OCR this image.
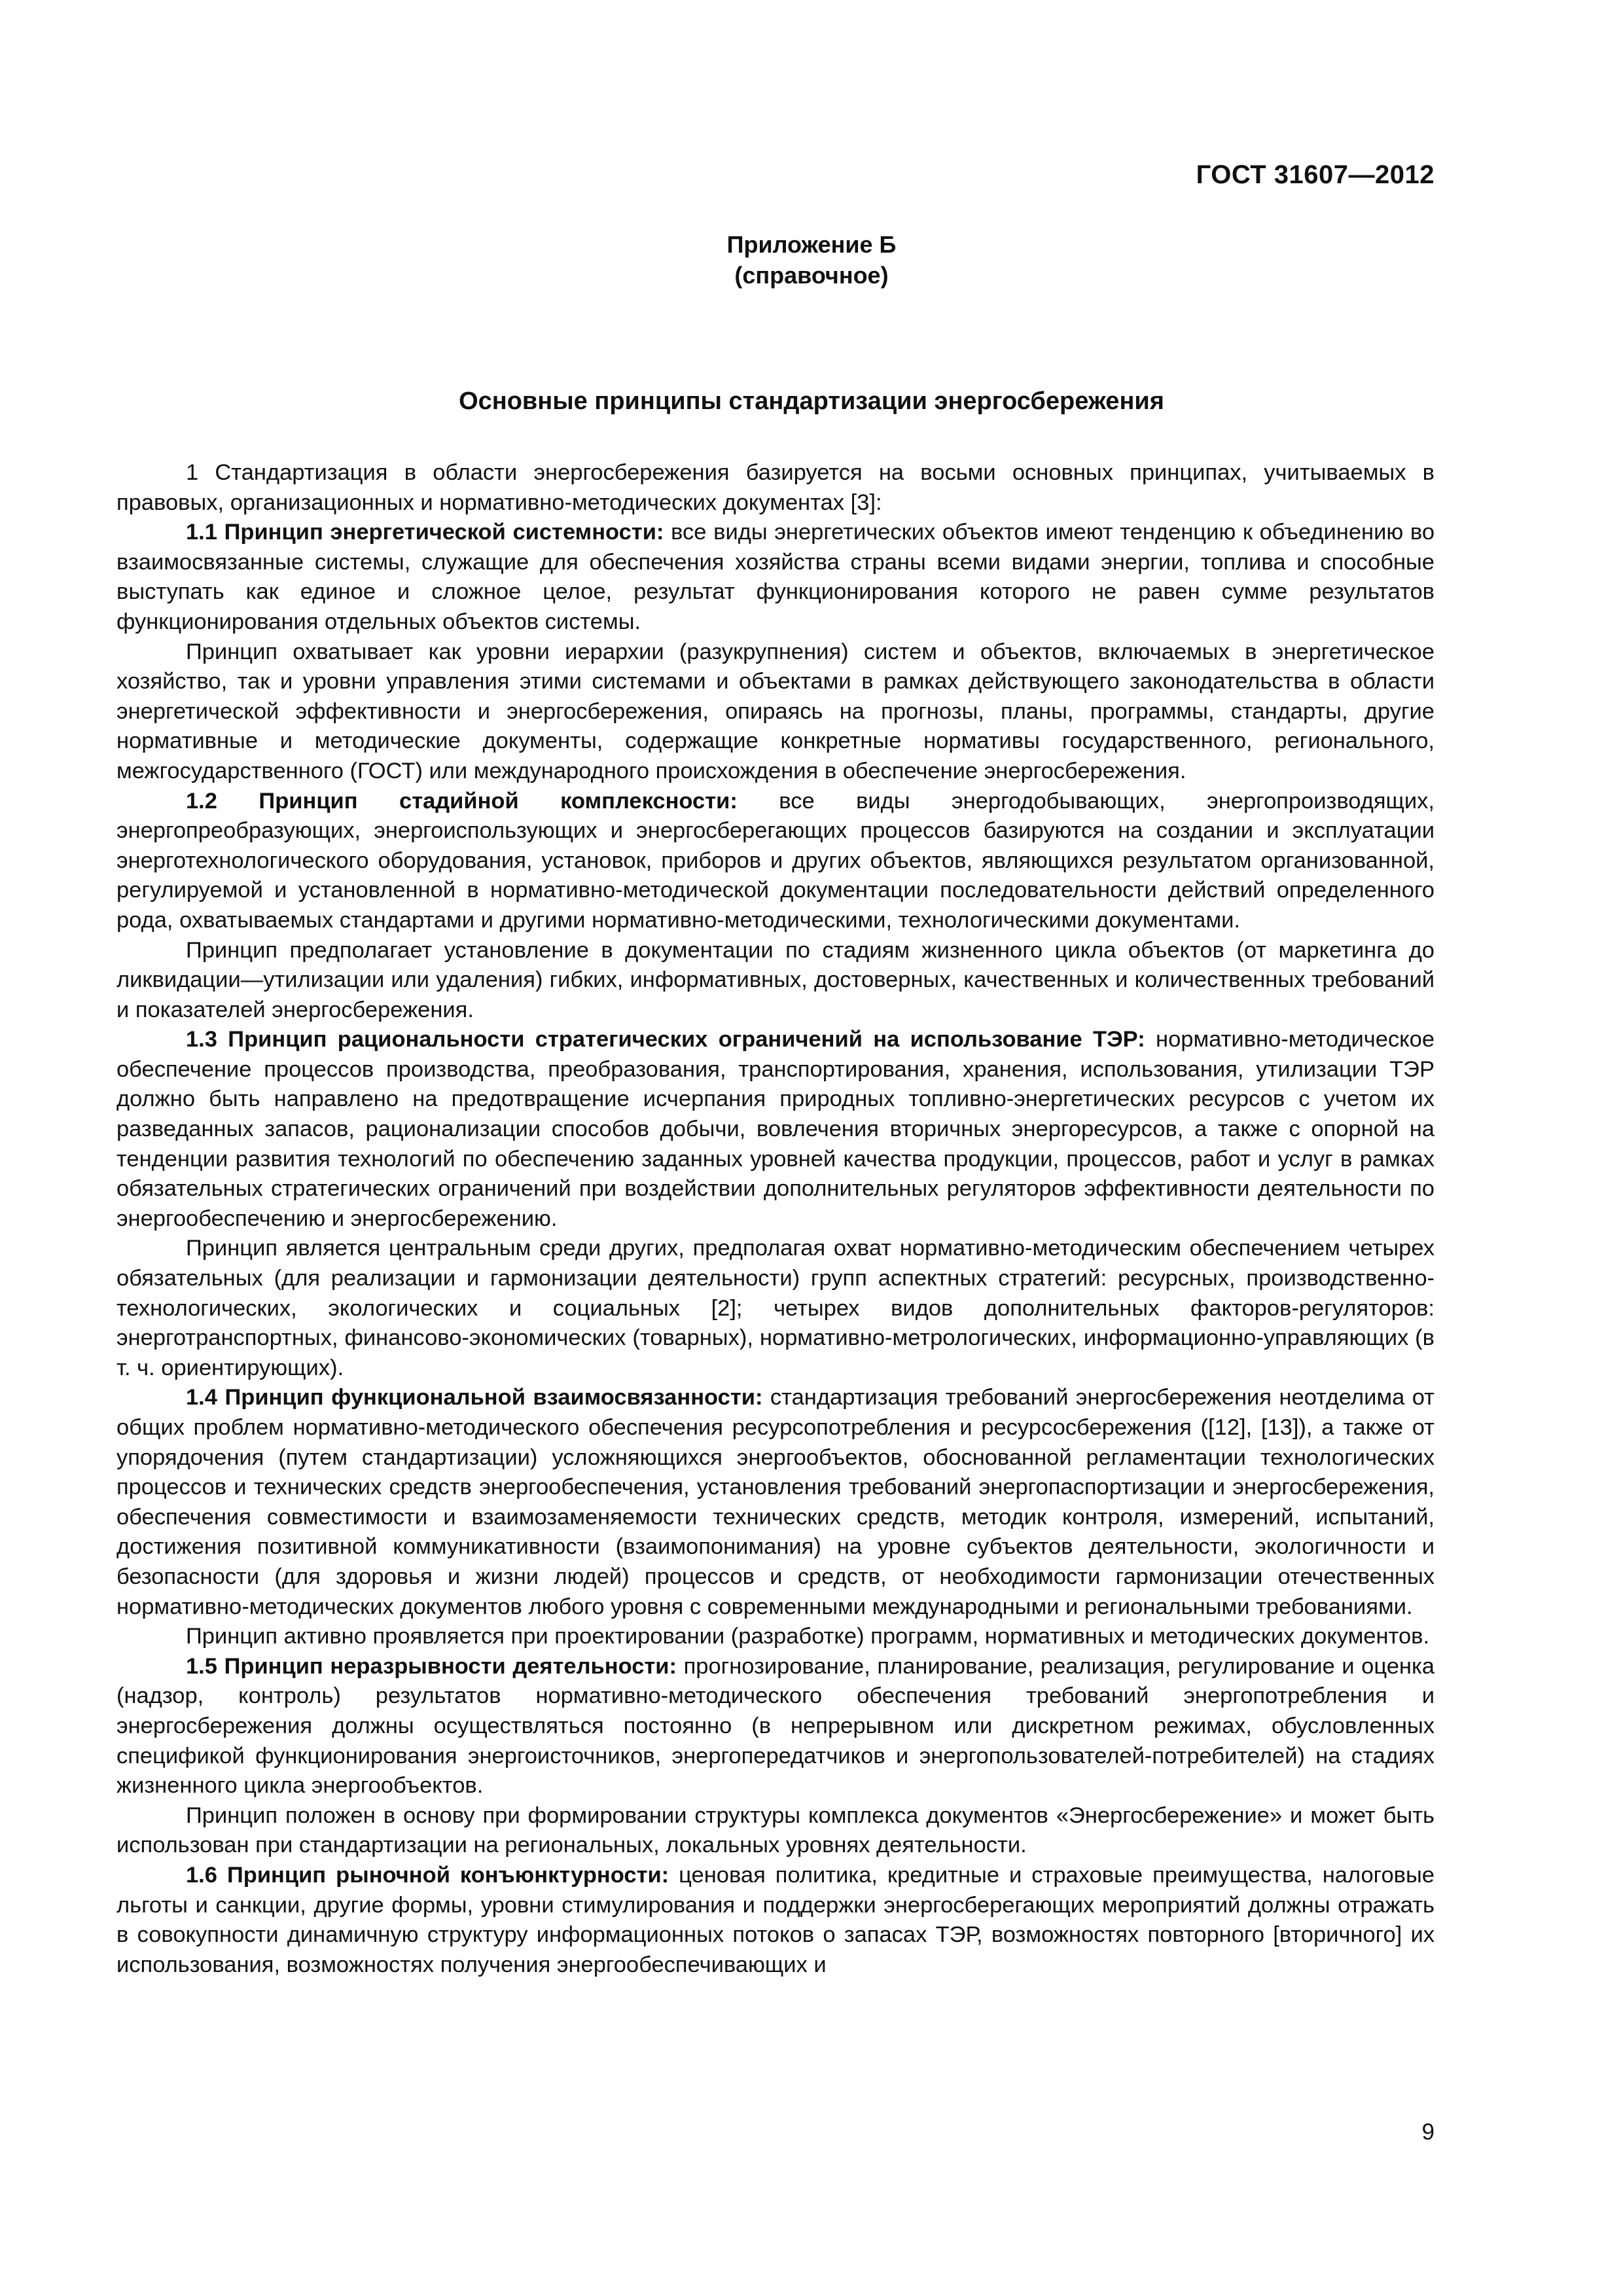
ГОСТ 31607—2012
Приложение Б
(справочное)
Основные принципы стандартизации энергосбережения

1 Стандартизация в области энергосбережения базируется на восьми основных принципах, учитываемых в правовых, организационных и нормативно-методических документах [3]:

1.1 Принцип энергетической системности: все виды энергетических объектов имеют тенденцию к объединению во взаимосвязанные системы, служащие для обеспечения хозяйства страны всеми видами энергии, топлива и способные выступать как единое и сложное целое, результат функционирования которого не равен сумме результатов функционирования отдельных объектов системы.

Принцип охватывает как уровни иерархии (разукрупнения) систем и объектов, включаемых в энергетическое хозяйство, так и уровни управления этими системами и объектами в рамках действующего законодательства в области энергетической эффективности и энергосбережения, опираясь на прогнозы, планы, программы, стандарты, другие нормативные и методические документы, содержащие конкретные нормативы государственного, регионального, межгосударственного (ГОСТ) или международного происхождения в обеспечение энергосбережения.

1.2 Принцип стадийной комплексности: все виды энергодобывающих, энергопроизводящих, энергопреобразующих, энергоиспользующих и энергосберегающих процессов базируются на создании и эксплуатации энерготехнологического оборудования, установок, приборов и других объектов, являющихся результатом организованной, регулируемой и установленной в нормативно-методической документации последовательности действий определенного рода, охватываемых стандартами и другими нормативно-методическими, технологическими документами.

Принцип предполагает установление в документации по стадиям жизненного цикла объектов (от маркетинга до ликвидации—утилизации или удаления) гибких, информативных, достоверных, качественных и количественных требований и показателей энергосбережения.

1.3 Принцип рациональности стратегических ограничений на использование ТЭР: нормативно-методическое обеспечение процессов производства, преобразования, транспортирования, хранения, использования, утилизации ТЭР должно быть направлено на предотвращение исчерпания природных топливно-энергетических ресурсов с учетом их разведанных запасов, рационализации способов добычи, вовлечения вторичных энергоресурсов, а также с опорной на тенденции развития технологий по обеспечению заданных уровней качества продукции, процессов, работ и услуг в рамках обязательных стратегических ограничений при воздействии дополнительных регуляторов эффективности деятельности по энергообеспечению и энергосбережению.

Принцип является центральным среди других, предполагая охват нормативно-методическим обеспечением четырех обязательных (для реализации и гармонизации деятельности) групп аспектных стратегий: ресурсных, производственно-технологических, экологических и социальных [2]; четырех видов дополнительных факторов-регуляторов: энерготранспортных, финансово-экономических (товарных), нормативно-метрологических, информационно-управляющих (в т. ч. ориентирующих).

1.4 Принцип функциональной взаимосвязанности: стандартизация требований энергосбережения неотделима от общих проблем нормативно-методического обеспечения ресурсопотребления и ресурсосбережения ([12], [13]), а также от упорядочения (путем стандартизации) усложняющихся энергообъектов, обоснованной регламентации технологических процессов и технических средств энергообеспечения, установления требований энергопаспортизации и энергосбережения, обеспечения совместимости и взаимозаменяемости технических средств, методик контроля, измерений, испытаний, достижения позитивной коммуникативности (взаимопонимания) на уровне субъектов деятельности, экологичности и безопасности (для здоровья и жизни людей) процессов и средств, от необходимости гармонизации отечественных нормативно-методических документов любого уровня с современными международными и региональными требованиями.

Принцип активно проявляется при проектировании (разработке) программ, нормативных и методических документов.

1.5 Принцип неразрывности деятельности: прогнозирование, планирование, реализация, регулирование и оценка (надзор, контроль) результатов нормативно-методического обеспечения требований энергопотребления и энергосбережения должны осуществляться постоянно (в непрерывном или дискретном режимах, обусловленных спецификой функционирования энергоисточников, энергопередатчиков и энергопользователей-потребителей) на стадиях жизненного цикла энергообъектов.

Принцип положен в основу при формировании структуры комплекса документов «Энергосбережение» и может быть использован при стандартизации на региональных, локальных уровнях деятельности.

1.6 Принцип рыночной конъюнктурности: ценовая политика, кредитные и страховые преимущества, налоговые льготы и санкции, другие формы, уровни стимулирования и поддержки энергосберегающих мероприятий должны отражать в совокупности динамичную структуру информационных потоков о запасах ТЭР, возможностях повторного [вторичного] их использования, возможностях получения энергообеспечивающих и

9
